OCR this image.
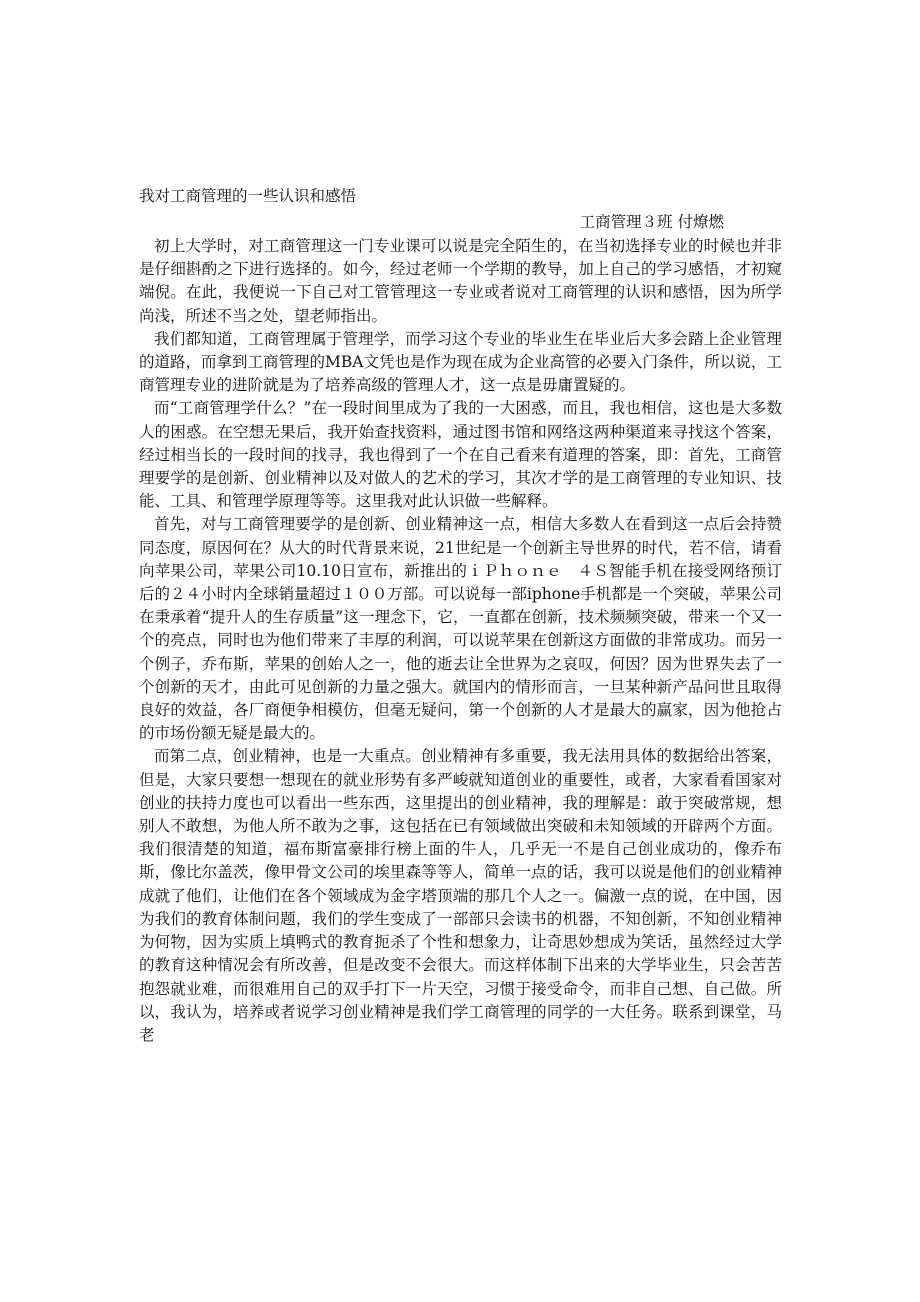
我对工商管理的一些认识和感悟

工商管理３班 付燎燃

初上大学时，对工商管理这一门专业课可以说是完全陌生的，在当初选择专业的时候也并非是仔细斟酌之下进行选择的。如今，经过老师一个学期的教导，加上自己的学习感悟，才初窥端倪。在此，我便说一下自己对工管管理这一专业或者说对工商管理的认识和感悟，因为所学尚浅，所述不当之处，望老师指出。

我们都知道，工商管理属于管理学，而学习这个专业的毕业生在毕业后大多会踏上企业管理的道路，而拿到工商管理的MBA文凭也是作为现在成为企业高管的必要入门条件，所以说，工商管理专业的进阶就是为了培养高级的管理人才，这一点是毋庸置疑的。

而“工商管理学什么？”在一段时间里成为了我的一大困惑，而且，我也相信，这也是大多数人的困惑。在空想无果后，我开始查找资料，通过图书馆和网络这两种渠道来寻找这个答案，经过相当长的一段时间的找寻，我也得到了一个在自己看来有道理的答案，即：首先，工商管理要学的是创新、创业精神以及对做人的艺术的学习，其次才学的是工商管理的专业知识、技能、工具、和管理学原理等等。这里我对此认识做一些解释。

首先，对与工商管理要学的是创新、创业精神这一点，相信大多数人在看到这一点后会持赞同态度，原因何在？从大的时代背景来说，21世纪是一个创新主导世界的时代，若不信，请看向苹果公司，苹果公司10.10日宣布，新推出的ｉＰｈｏｎｅ　４Ｓ智能手机在接受网络预订后的２４小时内全球销量超过１００万部。可以说每一部iphone手机都是一个突破，苹果公司在秉承着“提升人的生存质量”这一理念下，它，一直都在创新，技术频频突破，带来一个又一个的亮点，同时也为他们带来了丰厚的利润，可以说苹果在创新这方面做的非常成功。而另一个例子，乔布斯，苹果的创始人之一，他的逝去让全世界为之哀叹，何因？因为世界失去了一个创新的天才，由此可见创新的力量之强大。就国内的情形而言，一旦某种新产品问世且取得良好的效益，各厂商便争相模仿，但毫无疑问，第一个创新的人才是最大的赢家，因为他抢占的市场份额无疑是最大的。

而第二点，创业精神，也是一大重点。创业精神有多重要，我无法用具体的数据给出答案，但是，大家只要想一想现在的就业形势有多严峻就知道创业的重要性，或者，大家看看国家对创业的扶持力度也可以看出一些东西，这里提出的创业精神，我的理解是：敢于突破常规，想别人不敢想，为他人所不敢为之事，这包括在已有领域做出突破和未知领域的开辟两个方面。我们很清楚的知道，福布斯富豪排行榜上面的牛人，几乎无一不是自己创业成功的，像乔布斯，像比尔盖茨，像甲骨文公司的埃里森等等人，简单一点的话，我可以说是他们的创业精神成就了他们，让他们在各个领域成为金字塔顶端的那几个人之一。偏激一点的说，在中国，因为我们的教育体制问题，我们的学生变成了一部部只会读书的机器，不知创新，不知创业精神为何物，因为实质上填鸭式的教育扼杀了个性和想象力，让奇思妙想成为笑话，虽然经过大学的教育这种情况会有所改善，但是改变不会很大。而这样体制下出来的大学毕业生，只会苦苦抱怨就业难，而很难用自己的双手打下一片天空，习惯于接受命令，而非自己想、自己做。所以，我认为，培养或者说学习创业精神是我们学工商管理的同学的一大任务。联系到课堂，马老
